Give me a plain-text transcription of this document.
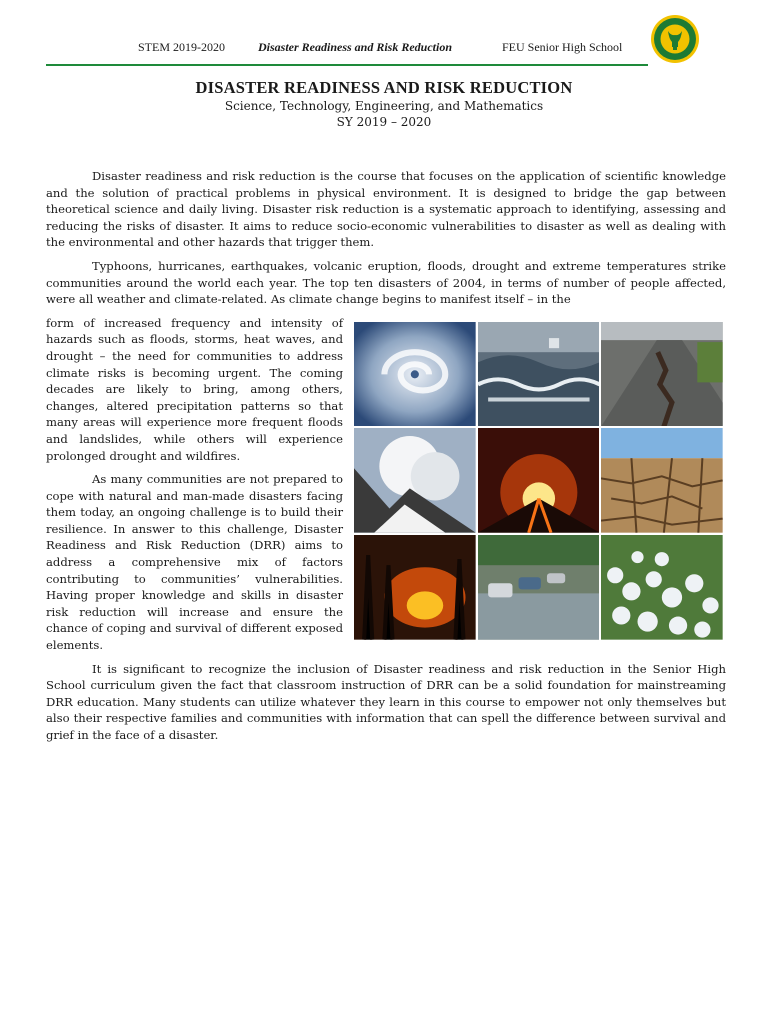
STEM 2019-2020	Disaster Readiness and Risk Reduction	FEU Senior High School
DISASTER READINESS AND RISK REDUCTION
Science, Technology, Engineering, and Mathematics
SY 2019 – 2020

Disaster readiness and risk reduction is the course that focuses on the application of scientific knowledge and the solution of practical problems in physical environment. It is designed to bridge the gap between theoretical science and daily living. Disaster risk reduction is a systematic approach to identifying, assessing and reducing the risks of disaster. It aims to reduce socio-economic vulnerabilities to disaster as well as dealing with the environmental and other hazards that trigger them.

Typhoons, hurricanes, earthquakes, volcanic eruption, floods, drought and extreme temperatures strike communities around the world each year. The top ten disasters of 2004, in terms of number of people affected, were all weather and climate-related. As climate change begins to manifest itself – in the

form of increased frequency and intensity of hazards such as floods, storms, heat waves, and drought – the need for communities to address climate risks is becoming urgent. The coming decades are likely to bring, among others, changes, altered precipitation patterns so that many areas will experience more frequent floods and landslides, while others will experience prolonged drought and wildfires.

As many communities are not prepared to cope with natural and man-made disasters facing them today, an ongoing challenge is to build their resilience. In answer to this challenge, Disaster Readiness and Risk Reduction (DRR) aims to address a comprehensive mix of factors contributing to communities’ vulnerabilities. Having proper knowledge and skills in disaster risk reduction will increase and ensure the chance of coping and survival of different exposed elements.

It is significant to recognize the inclusion of Disaster readiness and risk reduction in the Senior High School curriculum given the fact that classroom instruction of DRR can be a solid foundation for mainstreaming DRR education. Many students can utilize whatever they learn in this course to empower not only themselves but also their respective families and communities with information that can spell the difference between survival and grief in the face of a disaster.
